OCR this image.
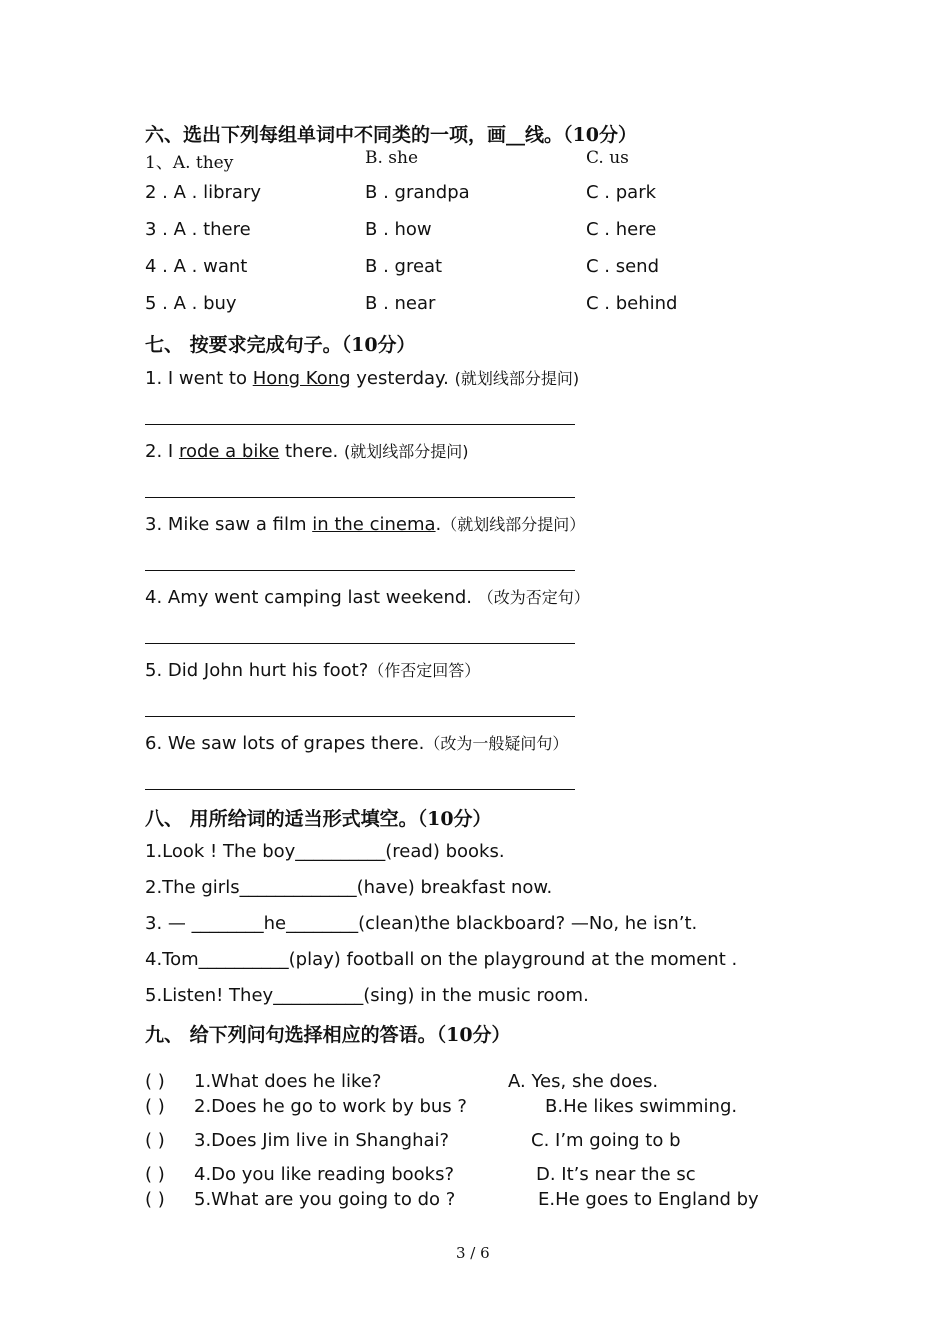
六、选出下列每组单词中不同类的一项，画__线。（10分）
1、A. they	B. she	C. us
2 . A . library	B . grandpa	C . park
3 . A . there	B . how	C . here
4 . A . want	B . great	C . send
5 . A . buy	B . near	C . behind
七、 按要求完成句子。（10分）
1. I went to Hong Kong yesterday. (就划线部分提问)
2. I rode a bike there. (就划线部分提问)
3. Mike saw a film in the cinema.（就划线部分提问）
4. Amy went camping last weekend. （改为否定句）
5. Did John hurt his foot?（作否定回答）
6. We saw lots of grapes there.（改为一般疑问句）
八、 用所给词的适当形式填空。（10分）
1.Look ! The boy__________(read) books.
2.The girls_____________(have) breakfast now.
3. — ________he________(clean)the blackboard? —No, he isn’t.
4.Tom__________(play) football on the playground at the moment .
5.Listen! They__________(sing) in the music room.
九、 给下列问句选择相应的答语。（10分）
( ) 1.What does he like?	A. Yes, she does.
( ) 2.Does he go to work by bus ?	B.He likes swimming.
( ) 3.Does Jim live in Shanghai?	C. I’m going to b
( ) 4.Do you like reading books?	D. It’s near the sc
( ) 5.What are you going to do ?	E.He goes to England by
3 / 6
